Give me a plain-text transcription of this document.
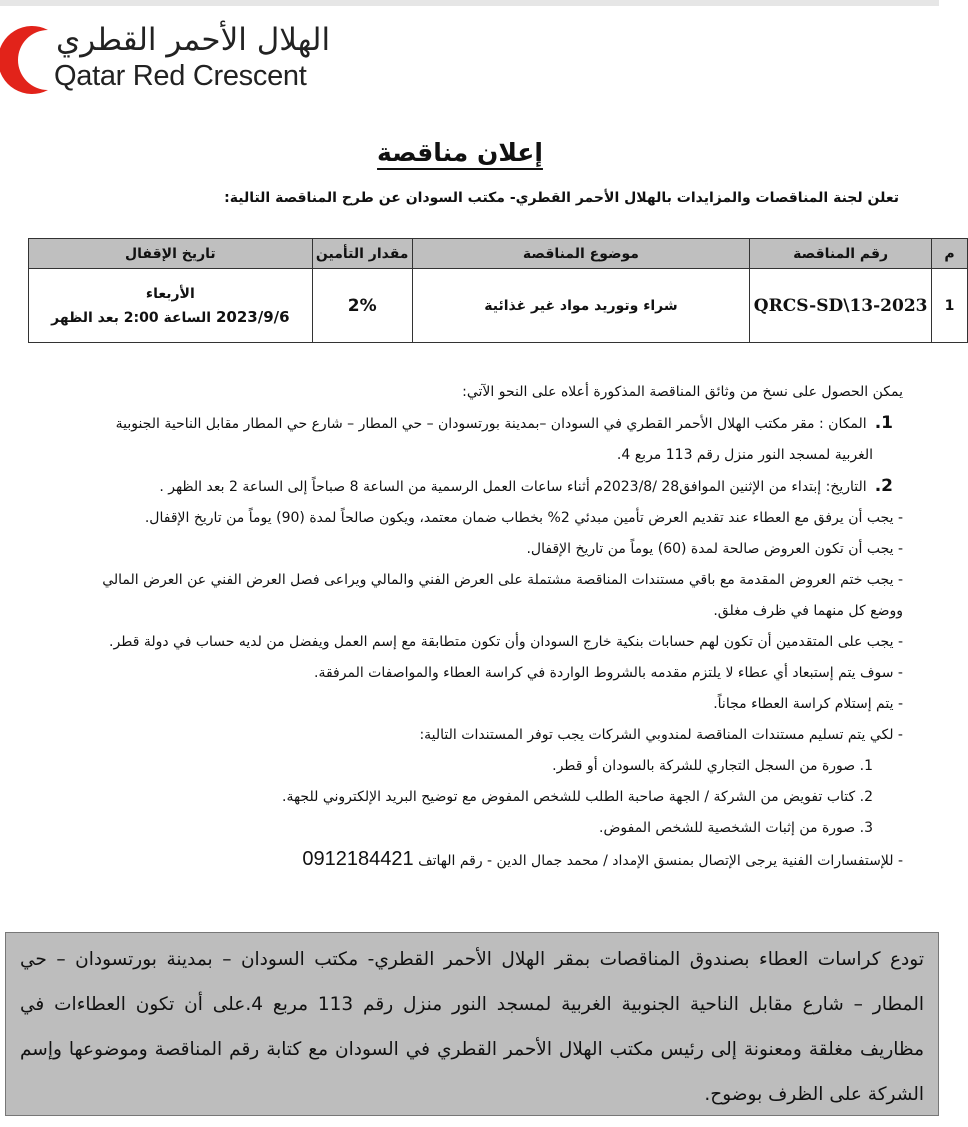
الهلال الأحمر القطري
Qatar Red Crescent
إعلان مناقصة
تعلن لجنة المناقصات والمزايدات بالهلال الأحمر القطري- مكتب السودان عن طرح المناقصة التالية:
م	رقم المناقصة	موضوع المناقصة	مقدار التأمين	تاريخ الإقفال
1	QRCS-SD\13-2023	شراء وتوريد مواد غير غذائية	2%	الأربعاء
2023/9/6 الساعة 2:00 بعد الظهر

يمكن الحصول على نسخ من وثائق المناقصة المذكورة أعلاه على النحو الآتي:

1.المكان : مقر مكتب الهلال الأحمر القطري في السودان –بمدينة بورتسودان – حي المطار – شارع حي المطار مقابل الناحية الجنوبية

الغربية لمسجد النور منزل رقم 113 مربع 4.

2.التاريخ: إبتداء من الإثنين الموافق28 /2023/8م أثناء ساعات العمل الرسمية من الساعة 8 صباحاً إلى الساعة 2 بعد الظهر .

- يجب أن يرفق مع العطاء عند تقديم العرض تأمين مبدئي 2% بخطاب ضمان معتمد، ويكون صالحاً لمدة (90) يوماً من تاريخ الإقفال.

- يجب أن تكون العروض صالحة لمدة (60) يوماً من تاريخ الإقفال.

- يجب ختم العروض المقدمة مع باقي مستندات المناقصة مشتملة على العرض الفني والمالي ويراعى فصل العرض الفني عن العرض المالي

ووضع كل منهما في ظرف مغلق.

- يجب على المتقدمين أن تكون لهم حسابات بنكية خارج السودان وأن تكون متطابقة مع إسم العمل ويفضل من لديه حساب في دولة قطر.

- سوف يتم إستبعاد أي عطاء لا يلتزم مقدمه بالشروط الواردة في كراسة العطاء والمواصفات المرفقة.

- يتم إستلام كراسة العطاء مجاناً.

- لكي يتم تسليم مستندات المناقصة لمندوبي الشركات يجب توفر المستندات التالية:

1. صورة من السجل التجاري للشركة بالسودان أو قطر.

2. كتاب تفويض من الشركة / الجهة صاحبة الطلب للشخص المفوض مع توضيح البريد الإلكتروني للجهة.

3. صورة من إثبات الشخصية للشخص المفوض.

- للإستفسارات الفنية يرجى الإتصال بمنسق الإمداد / محمد جمال الدين - رقم الهاتف 0912184421

تودع كراسات العطاء بصندوق المناقصات بمقر الهلال الأحمر القطري- مكتب السودان – بمدينة بورتسودان – حي المطار – شارع مقابل الناحية الجنوبية الغربية لمسجد النور منزل رقم 113 مربع 4.على أن تكون العطاءات في مظاريف مغلقة ومعنونة إلى رئيس مكتب الهلال الأحمر القطري في السودان مع كتابة رقم المناقصة وموضوعها وإسم الشركة على الظرف بوضوح.
